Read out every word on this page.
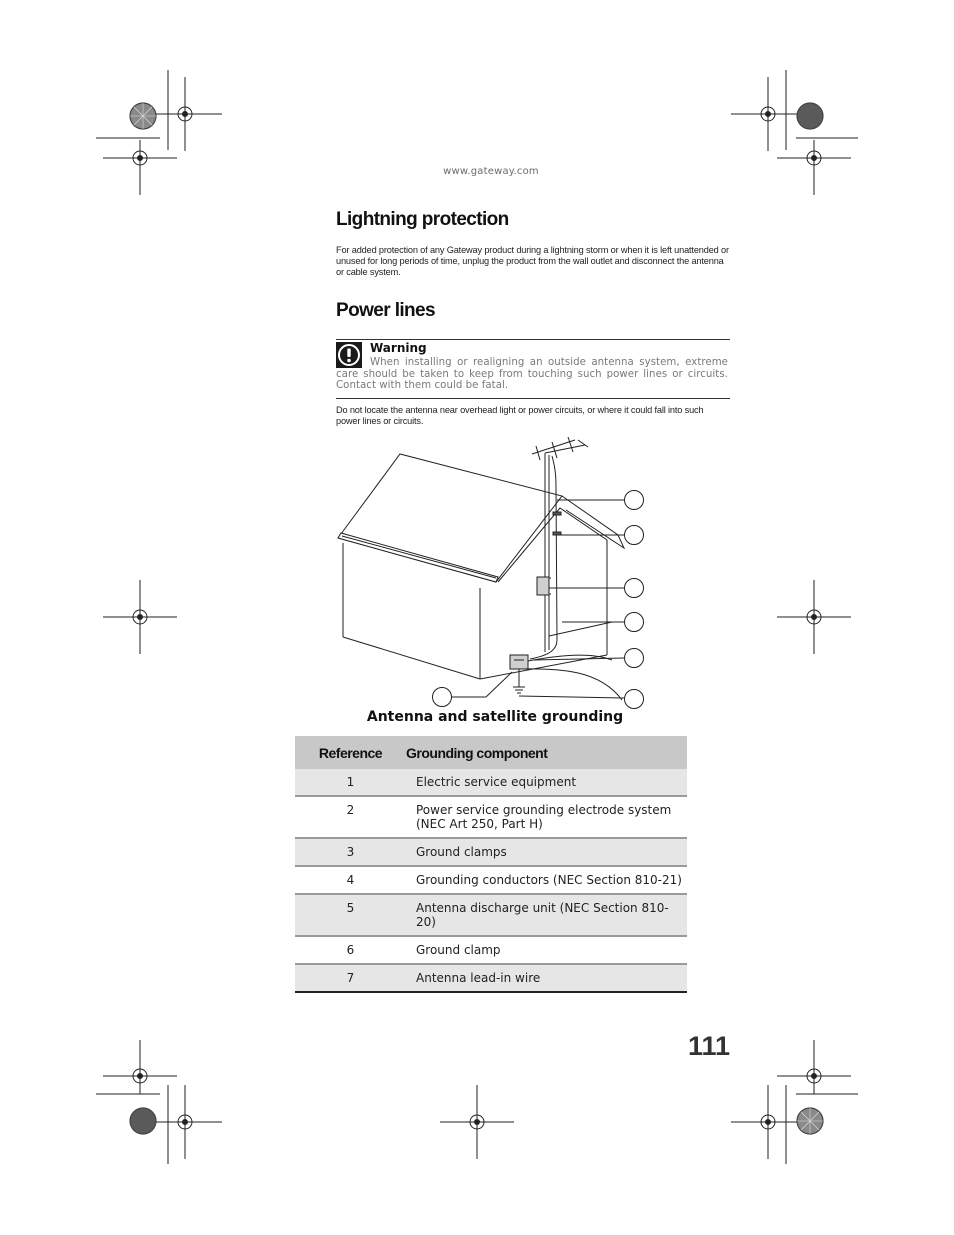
www.gateway.com
Lightning protection
For added protection of any Gateway product during a lightning storm or when it is left unattended or unused for long periods of time, unplug the product from the wall outlet and disconnect the antenna or cable system.
Power lines
Warning
When installing or realigning an outside antenna system, extreme care should be taken to keep from touching such power lines or circuits. Contact with them could be fatal.
Do not locate the antenna near overhead light or power circuits, or where it could fall into such power lines or circuits.
Antenna and satellite grounding
Reference	Grounding component

1	Electric service equipment

2	Power service grounding electrode system (NEC Art 250, Part H)

3	Ground clamps

4	Grounding conductors (NEC Section 810-21)

5	Antenna discharge unit (NEC Section 810-20)

6	Ground clamp

7	Antenna lead-in wire
111
